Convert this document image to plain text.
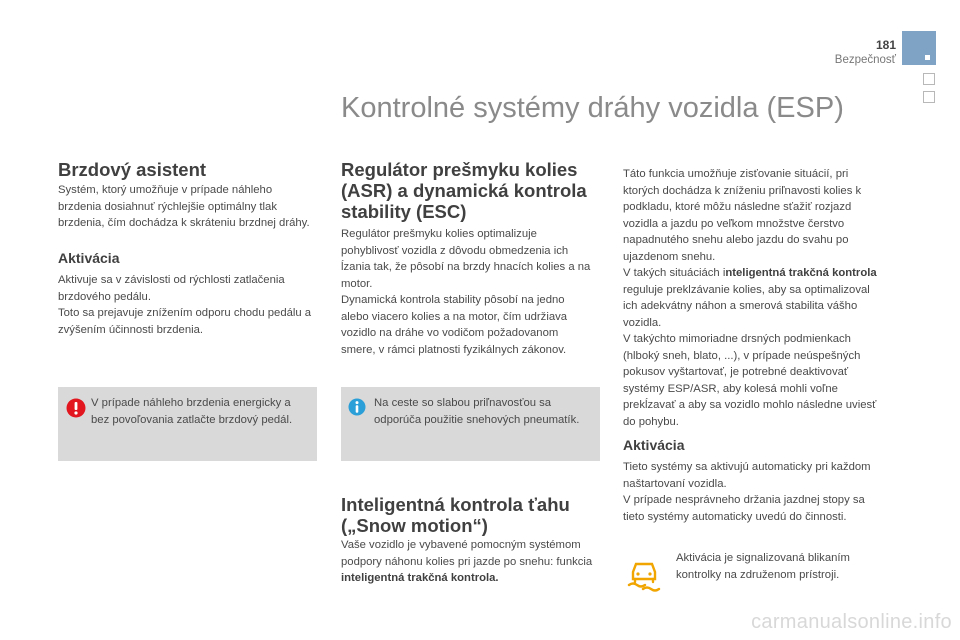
181
Bezpečnosť
Kontrolné systémy dráhy vozidla (ESP)
Brzdový asistent

Systém, ktorý umožňuje v prípade náhleho brzdenia dosiahnuť rýchlejšie optimálny tlak brzdenia, čím dochádza k skráteniu brzdnej dráhy.

Aktivácia

Aktivuje sa v závislosti od rýchlosti zatlačenia brzdového pedálu.

Toto sa prejavuje znížením odporu chodu pedálu a zvýšením účinnosti brzdenia.

V prípade náhleho brzdenia energicky a bez povoľovania zatlačte brzdový pedál.
Regulátor prešmyku kolies (ASR) a dynamická kontrola stability (ESC)

Regulátor prešmyku kolies optimalizuje pohyblivosť vozidla z dôvodu obmedzenia ich ĺzania tak, že pôsobí na brzdy hnacích kolies a na motor.

Dynamická kontrola stability pôsobí na jedno alebo viacero kolies a na motor, čím udržiava vozidlo na dráhe vo vodičom požadovanom smere, v rámci platnosti fyzikálnych zákonov.

Na ceste so slabou priľnavosťou sa odporúča použitie snehových pneumatík.
Inteligentná kontrola ťahu („Snow motion“)
Vaše vozidlo je vybavené pomocným systémom podpory náhonu kolies pri jazde po snehu: funkcia inteligentná trakčná kontrola.

Táto funkcia umožňuje zisťovanie situácií, pri ktorých dochádza k zníženiu priľnavosti kolies k podkladu, ktoré môžu následne sťažiť rozjazd vozidla a jazdu po veľkom množstve čerstvo napadnutého snehu alebo jazdu do svahu po ujazdenom snehu.

V takých situáciách inteligentná trakčná kontrola reguluje preklzávanie kolies, aby sa optimalizoval ich adekvátny náhon a smerová stabilita vášho vozidla.

V takýchto mimoriadne drsných podmienkach (hlboký sneh, blato, ...), v prípade neúspešných pokusov vyštartovať, je potrebné deaktivovať systémy ESP/ASR, aby kolesá mohli voľne prekĺzavať a aby sa vozidlo mohlo následne uviesť do pohybu.

Aktivácia

Tieto systémy sa aktivujú automaticky pri každom naštartovaní vozidla.

V prípade nesprávneho držania jazdnej stopy sa tieto systémy automaticky uvedú do činnosti.

Aktivácia je signalizovaná blikaním kontrolky na združenom prístroji.
carmanualsonline.info
